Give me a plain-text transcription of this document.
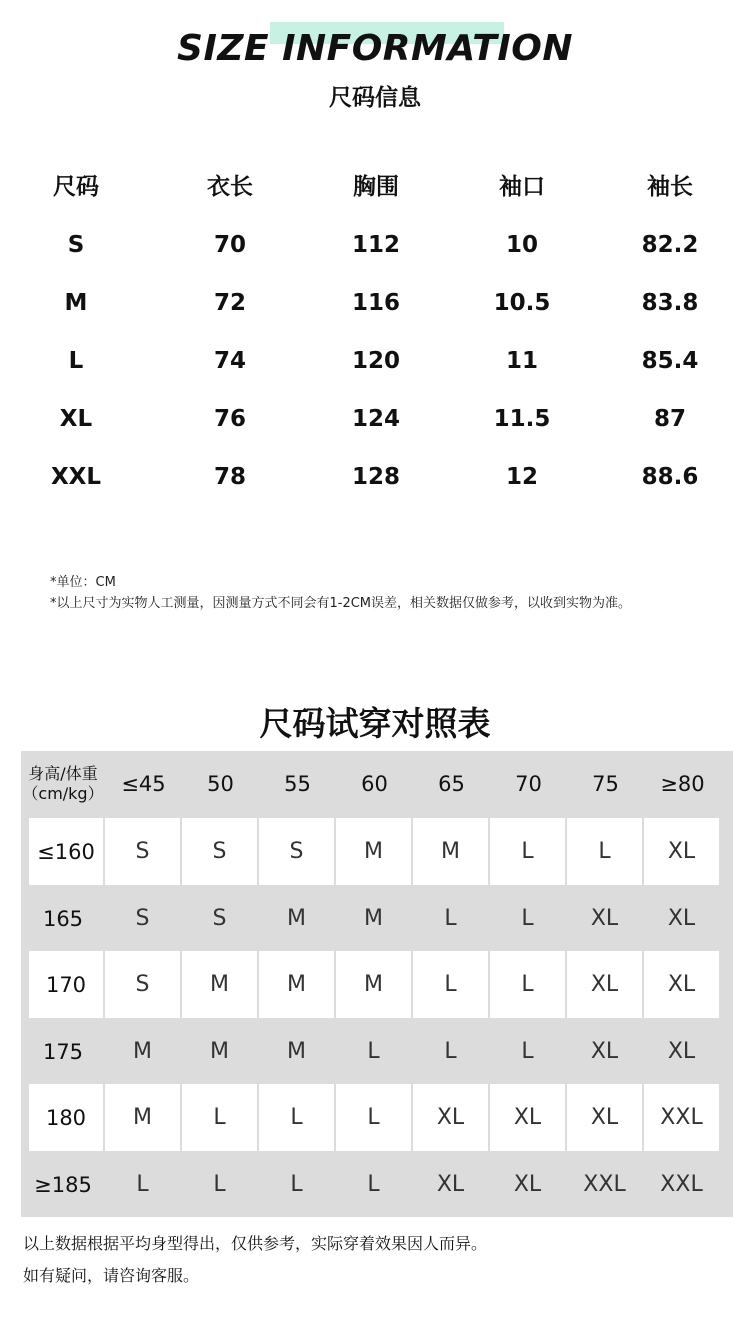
SIZE INFORMATION
尺码信息
尺码	衣长	胸围	袖口	袖长
S	70	112	10	82.2
M	72	116	10.5	83.8
L	74	120	11	85.4
XL	76	124	11.5	87
XXL	78	128	12	88.6

*单位：CM

*以上尺寸为实物人工测量，因测量方式不同会有1-2CM误差，相关数据仅做参考，以收到实物为准。

尺码试穿对照表
身高/体重
（cm/kg） ≤45	50	55	60	65	70	75	≥80
≤160	S	S	S	M	M	L	L	XL
165	S	S	M	M	L	L	XL	XL
170	S	M	M	M	L	L	XL	XL
175	M	M	M	L	L	L	XL	XL
180	M	L	L	L	XL	XL	XL	XXL
≥185	L	L	L	L	XL	XL	XXL	XXL

以上数据根据平均身型得出，仅供参考，实际穿着效果因人而异。

如有疑问，请咨询客服。
